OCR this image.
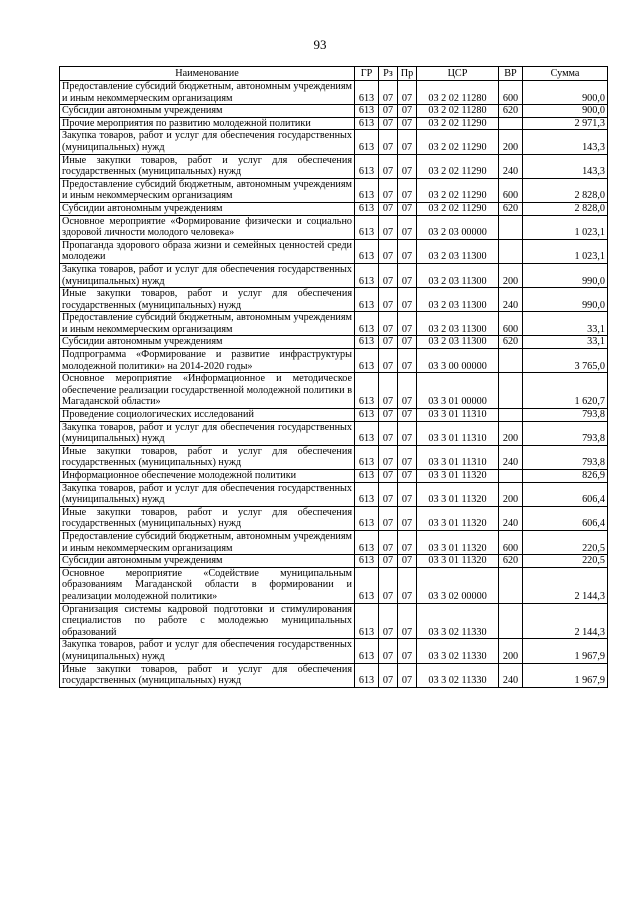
93
Наименование	ГР	Рз	Пр	ЦСР	ВР	Сумма
Предоставление субсидий бюджетным, автономным учреждениям и иным некоммерческим организациям	613	07	07	03 2 02 11280	600	900,0
Субсидии автономным учреждениям	613	07	07	03 2 02 11280	620	900,0
Прочие мероприятия по развитию молодежной политики	613	07	07	03 2 02 11290		2 971,3
Закупка товаров, работ и услуг для обеспечения государственных (муниципальных) нужд	613	07	07	03 2 02 11290	200	143,3
Иные закупки товаров, работ и услуг для обеспечения государственных (муниципальных) нужд	613	07	07	03 2 02 11290	240	143,3
Предоставление субсидий бюджетным, автономным учреждениям и иным некоммерческим организациям	613	07	07	03 2 02 11290	600	2 828,0
Субсидии автономным учреждениям	613	07	07	03 2 02 11290	620	2 828,0
Основное мероприятие «Формирование физически и социально здоровой личности молодого человека»	613	07	07	03 2 03 00000		1 023,1
Пропаганда здорового образа жизни и семейных ценностей среди молодежи	613	07	07	03 2 03 11300		1 023,1
Закупка товаров, работ и услуг для обеспечения государственных (муниципальных) нужд	613	07	07	03 2 03 11300	200	990,0
Иные закупки товаров, работ и услуг для обеспечения государственных (муниципальных) нужд	613	07	07	03 2 03 11300	240	990,0
Предоставление субсидий бюджетным, автономным учреждениям и иным некоммерческим организациям	613	07	07	03 2 03 11300	600	33,1
Субсидии автономным учреждениям	613	07	07	03 2 03 11300	620	33,1
Подпрограмма «Формирование и развитие инфраструктуры молодежной политики» на 2014-2020 годы»	613	07	07	03 3 00 00000		3 765,0
Основное мероприятие «Информационное и методическое обеспечение реализации государственной молодежной политики в Магаданской области»	613	07	07	03 3 01 00000		1 620,7
Проведение социологических исследований	613	07	07	03 3 01 11310		793,8
Закупка товаров, работ и услуг для обеспечения государственных (муниципальных) нужд	613	07	07	03 3 01 11310	200	793,8
Иные закупки товаров, работ и услуг для обеспечения государственных (муниципальных) нужд	613	07	07	03 3 01 11310	240	793,8
Информационное обеспечение молодежной политики	613	07	07	03 3 01 11320		826,9
Закупка товаров, работ и услуг для обеспечения государственных (муниципальных) нужд	613	07	07	03 3 01 11320	200	606,4
Иные закупки товаров, работ и услуг для обеспечения государственных (муниципальных) нужд	613	07	07	03 3 01 11320	240	606,4
Предоставление субсидий бюджетным, автономным учреждениям и иным некоммерческим организациям	613	07	07	03 3 01 11320	600	220,5
Субсидии автономным учреждениям	613	07	07	03 3 01 11320	620	220,5
Основное мероприятие «Содействие муниципальным образованиям Магаданской области в формировании и реализации молодежной политики»	613	07	07	03 3 02 00000		2 144,3
Организация системы кадровой подготовки и стимулирования специалистов по работе с молодежью муниципальных образований	613	07	07	03 3 02 11330		2 144,3
Закупка товаров, работ и услуг для обеспечения государственных (муниципальных) нужд	613	07	07	03 3 02 11330	200	1 967,9
Иные закупки товаров, работ и услуг для обеспечения государственных (муниципальных) нужд	613	07	07	03 3 02 11330	240	1 967,9
